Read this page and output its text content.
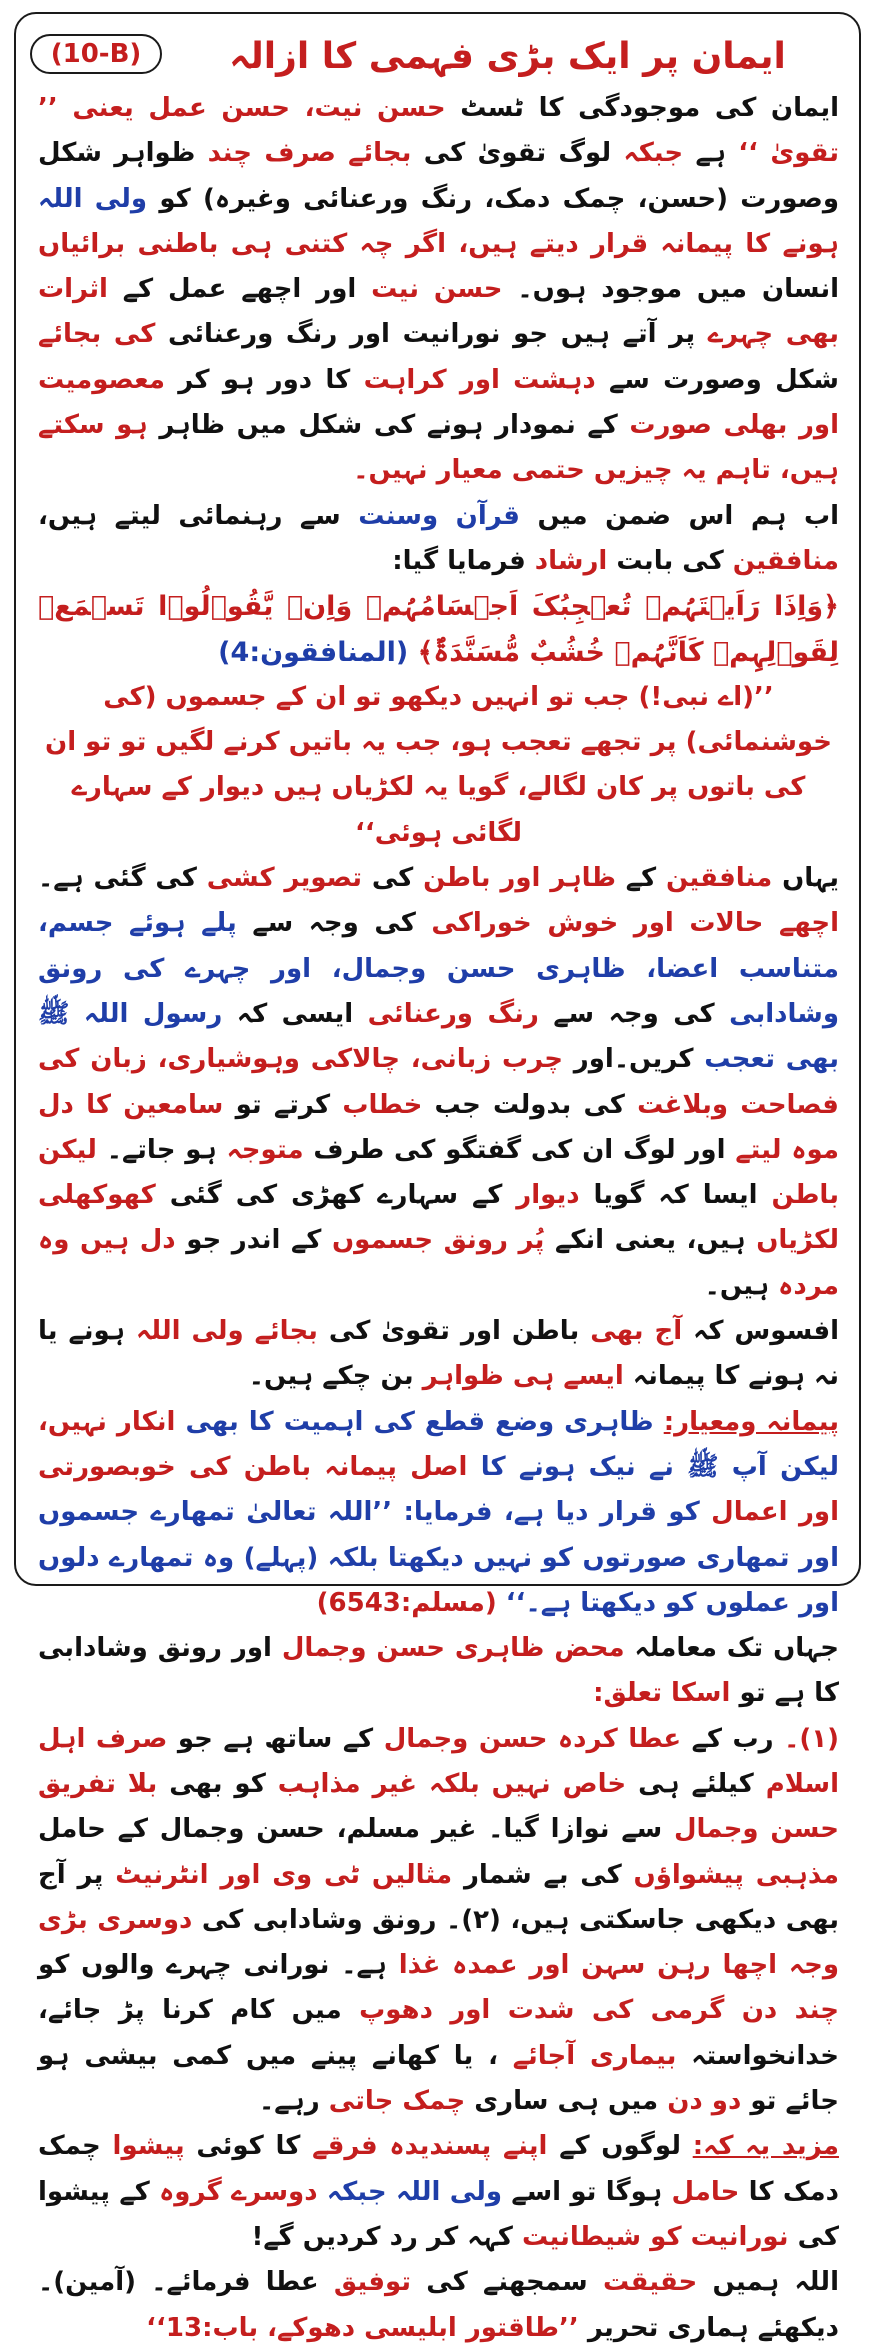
(10-B)	ایمان پر ایک بڑی فہمی کا ازالہ

ایمان کی موجودگی کا ٹسٹ حسن نیت، حسن عمل یعنی ’’ تقویٰ ‘‘ ہے جبکہ لوگ تقویٰ کی بجائے صرف چند ظواہر شکل وصورت (حسن، چمک دمک، رنگ ورعنائی وغیرہ) کو ولی اللہ ہونے کا پیمانہ قرار دیتے ہیں، اگر چہ کتنی ہی باطنی برائیاں انسان میں موجود ہوں۔ حسن نیت اور اچھے عمل کے اثرات بھی چہرے پر آتے ہیں جو نورانیت اور رنگ ورعنائی کی بجائے شکل وصورت سے دہشت اور کراہت کا دور ہو کر معصومیت اور بھلی صورت کے نمودار ہونے کی شکل میں ظاہر ہو سکتے ہیں، تاہم یہ چیزیں حتمی معیار نہیں۔

اب ہم اس ضمن میں قرآن وسنت سے رہنمائی لیتے ہیں، منافقین کی بابت ارشاد فرمایا گیا:

﴿وَاِذَا رَاَیۡتَہُمۡ تُعۡجِبُکَ اَجۡسَامُہُمۡ وَاِنۡ یَّقُوۡلُوۡا تَسۡمَعۡ لِقَوۡلِہِمۡ کَاَنَّہُمۡ خُشُبٌ مُّسَنَّدَۃٌ﴾ (المنافقون:4)

’’(اے نبی!) جب تو انہیں دیکھو تو ان کے جسموں (کی خوشنمائی) پر تجھے تعجب ہو، جب یہ باتیں کرنے لگیں تو تو ان کی باتوں پر کان لگالے، گویا یہ لکڑیاں ہیں دیوار کے سہارے لگائی ہوئی‘‘

یہاں منافقین کے ظاہر اور باطن کی تصویر کشی کی گئی ہے۔ اچھے حالات اور خوش خوراکی کی وجہ سے پلے ہوئے جسم، متناسب اعضا، ظاہری حسن وجمال، اور چہرے کی رونق وشادابی کی وجہ سے رنگ ورعنائی ایسی کہ رسول اللہ ﷺ بھی تعجب کریں۔اور چرب زبانی، چالاکی وہوشیاری، زبان کی فصاحت وبلاغت کی بدولت جب خطاب کرتے تو سامعین کا دل موہ لیتے اور لوگ ان کی گفتگو کی طرف متوجہ ہو جاتے۔ لیکن باطن ایسا کہ گویا دیوار کے سہارے کھڑی کی گئی کھوکھلی لکڑیاں ہیں، یعنی انکے پُر رونق جسموں کے اندر جو دل ہیں وہ مردہ ہیں۔

افسوس کہ آج بھی باطن اور تقویٰ کی بجائے ولی اللہ ہونے یا نہ ہونے کا پیمانہ ایسے ہی ظواہر بن چکے ہیں۔

پیمانہ ومعیار: ظاہری وضع قطع کی اہمیت کا بھی انکار نہیں، لیکن آپ ﷺ نے نیک ہونے کا اصل پیمانہ باطن کی خوبصورتی اور اعمال کو قرار دیا ہے، فرمایا: ’’اللہ تعالیٰ تمھارے جسموں اور تمھاری صورتوں کو نہیں دیکھتا بلکہ (پہلے) وہ تمھارے دلوں اور عملوں کو دیکھتا ہے۔‘‘ (مسلم:6543)

جہاں تک معاملہ محض ظاہری حسن وجمال اور رونق وشادابی کا ہے تو اسکا تعلق:

(۱)۔ رب کے عطا کردہ حسن وجمال کے ساتھ ہے جو صرف اہل اسلام کیلئے ہی خاص نہیں بلکہ غیر مذاہب کو بھی بلا تفریق حسن وجمال سے نوازا گیا۔ غیر مسلم، حسن وجمال کے حامل مذہبی پیشواؤں کی بے شمار مثالیں ٹی وی اور انٹرنیٹ پر آج بھی دیکھی جاسکتی ہیں، (۲)۔ رونق وشادابی کی دوسری بڑی وجہ اچھا رہن سہن اور عمدہ غذا ہے۔ نورانی چہرے والوں کو چند دن گرمی کی شدت اور دھوپ میں کام کرنا پڑ جائے، خدانخواستہ بیماری آجائے ، یا کھانے پینے میں کمی بیشی ہو جائے تو دو دن میں ہی ساری چمک جاتی رہے۔

مزید یہ کہ: لوگوں کے اپنے پسندیدہ فرقے کا کوئی پیشوا چمک دمک کا حامل ہوگا تو اسے ولی اللہ جبکہ دوسرے گروہ کے پیشوا کی نورانیت کو شیطانیت کہہ کر رد کردیں گے!

اللہ ہمیں حقیقت سمجھنے کی توفیق عطا فرمائے۔ (آمین)۔ دیکھئے ہماری تحریر ’’طاقتور ابلیسی دھوکے، باب:13‘‘
